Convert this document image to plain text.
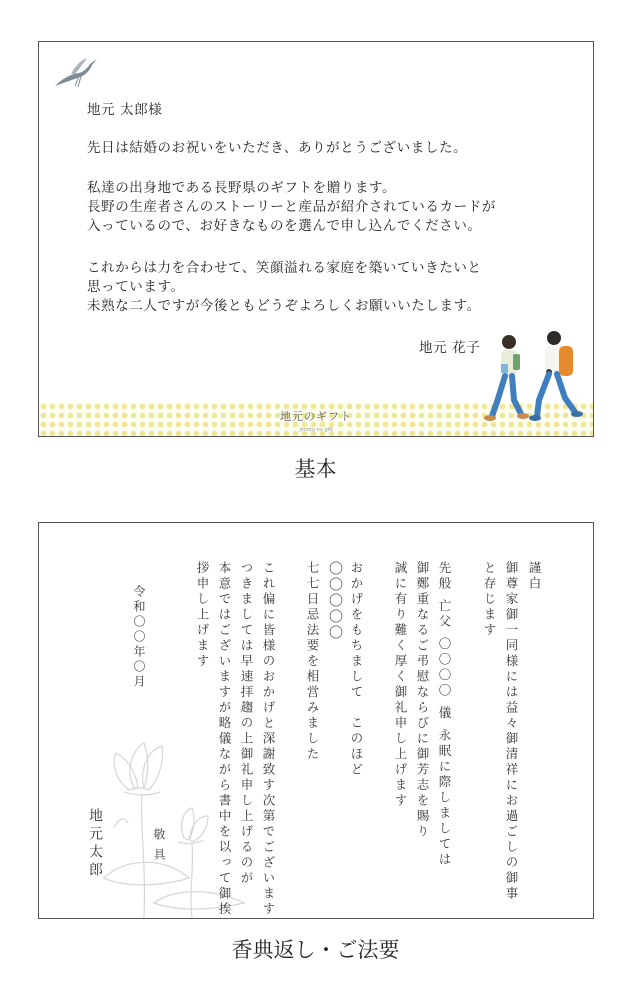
地元 太郎様
先日は結婚のお祝いをいただき、ありがとうございました。
私達の出身地である長野県のギフトを贈ります。
長野の生産者さんのストーリーと産品が紹介されているカードが
入っているので、お好きなものを選んで申し込んでください。
これからは力を合わせて、笑顔溢れる家庭を築いていきたいと
思っています。
未熟な二人ですが今後ともどうぞよろしくお願いいたします。
地元 花子
地元のギフト
jimoto no gift
基本
謹白
御尊家御一同様には益々御清祥にお過ごしの御事
と存じます
先般 亡父 〇〇〇〇 儀 永眠に際しましては
御鄭重なるご弔慰ならびに御芳志を賜り
誠に有り難く厚く御礼申し上げます
おかげをもちまして　このほど
〇〇〇〇〇
七七日忌法要を相営みました
これ偏に皆様のおかげと深謝致す次第でございます
つきましては早速拝趨の上御礼申し上げるのが
本意ではございますが略儀ながら書中を以って御挨
拶申し上げます
令和〇〇年〇月
敬具
地元太郎
香典返し・ご法要
